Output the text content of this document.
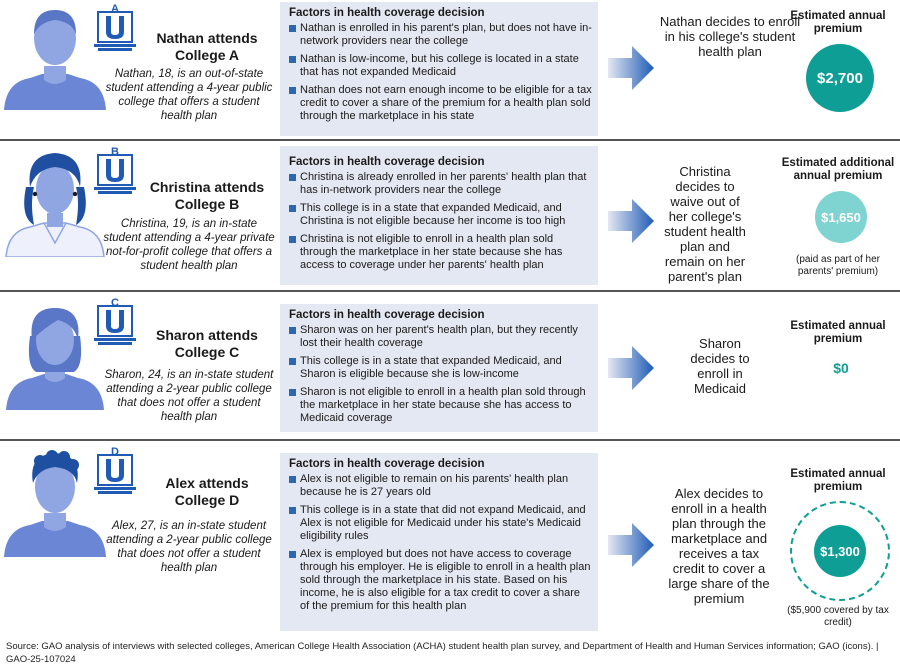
A
Nathan attends
College A
Nathan, 18, is an out-of-state student attending a 4-year public college that offers a student health plan
Factors in health coverage decision
Nathan is enrolled in his parent's plan, but does not have in-network providers near the college
Nathan is low-income, but his college is located in a state that has not expanded Medicaid
Nathan does not earn enough income to be eligible for a tax credit to cover a share of the premium for a health plan sold through the marketplace in his state
Nathan decides to enroll in his college's student health plan
Estimated annual premium
$2,700
B
Christina attends
College B
Christina, 19, is an in-state student attending a 4-year private not-for-profit college that offers a student health plan
Factors in health coverage decision
Christina is already enrolled in her parents' health plan that has in-network providers near the college
This college is in a state that expanded Medicaid, and Christina is not eligible because her income is too high
Christina is not eligible to enroll in a health plan sold through the marketplace in her state because she has access to coverage under her parents' health plan
Christina decides to waive out of her college's student health plan and remain on her parent's plan
Estimated additional annual premium
$1,650
(paid as part of her parents' premium)
C
Sharon attends
College C
Sharon, 24, is an in-state student attending a 2-year public college that does not offer a student health plan
Factors in health coverage decision
Sharon was on her parent's health plan, but they recently lost their health coverage
This college is in a state that expanded Medicaid, and Sharon is eligible because she is low-income
Sharon is not eligible to enroll in a health plan sold through the marketplace in her state because she has access to Medicaid coverage
Sharon decides to enroll in Medicaid
Estimated annual premium
$0
D
Alex attends
College D
Alex, 27, is an in-state student attending a 2-year public college that does not offer a student health plan
Factors in health coverage decision
Alex is not eligible to remain on his parents' health plan because he is 27 years old
This college is in a state that did not expand Medicaid, and Alex is not eligible for Medicaid under his state's Medicaid eligibility rules
Alex is employed but does not have access to coverage through his employer. He is eligible to enroll in a health plan sold through the marketplace in his state. Based on his income, he is also eligible for a tax credit to cover a share of the premium for this health plan
Alex decides to enroll in a health plan through the marketplace and receives a tax credit to cover a large share of the premium
Estimated annual premium
$1,300
($5,900 covered by tax credit)
Source: GAO analysis of interviews with selected colleges, American College Health Association (ACHA) student health plan survey, and Department of Health and Human Services information; GAO (icons). | GAO-25-107024
